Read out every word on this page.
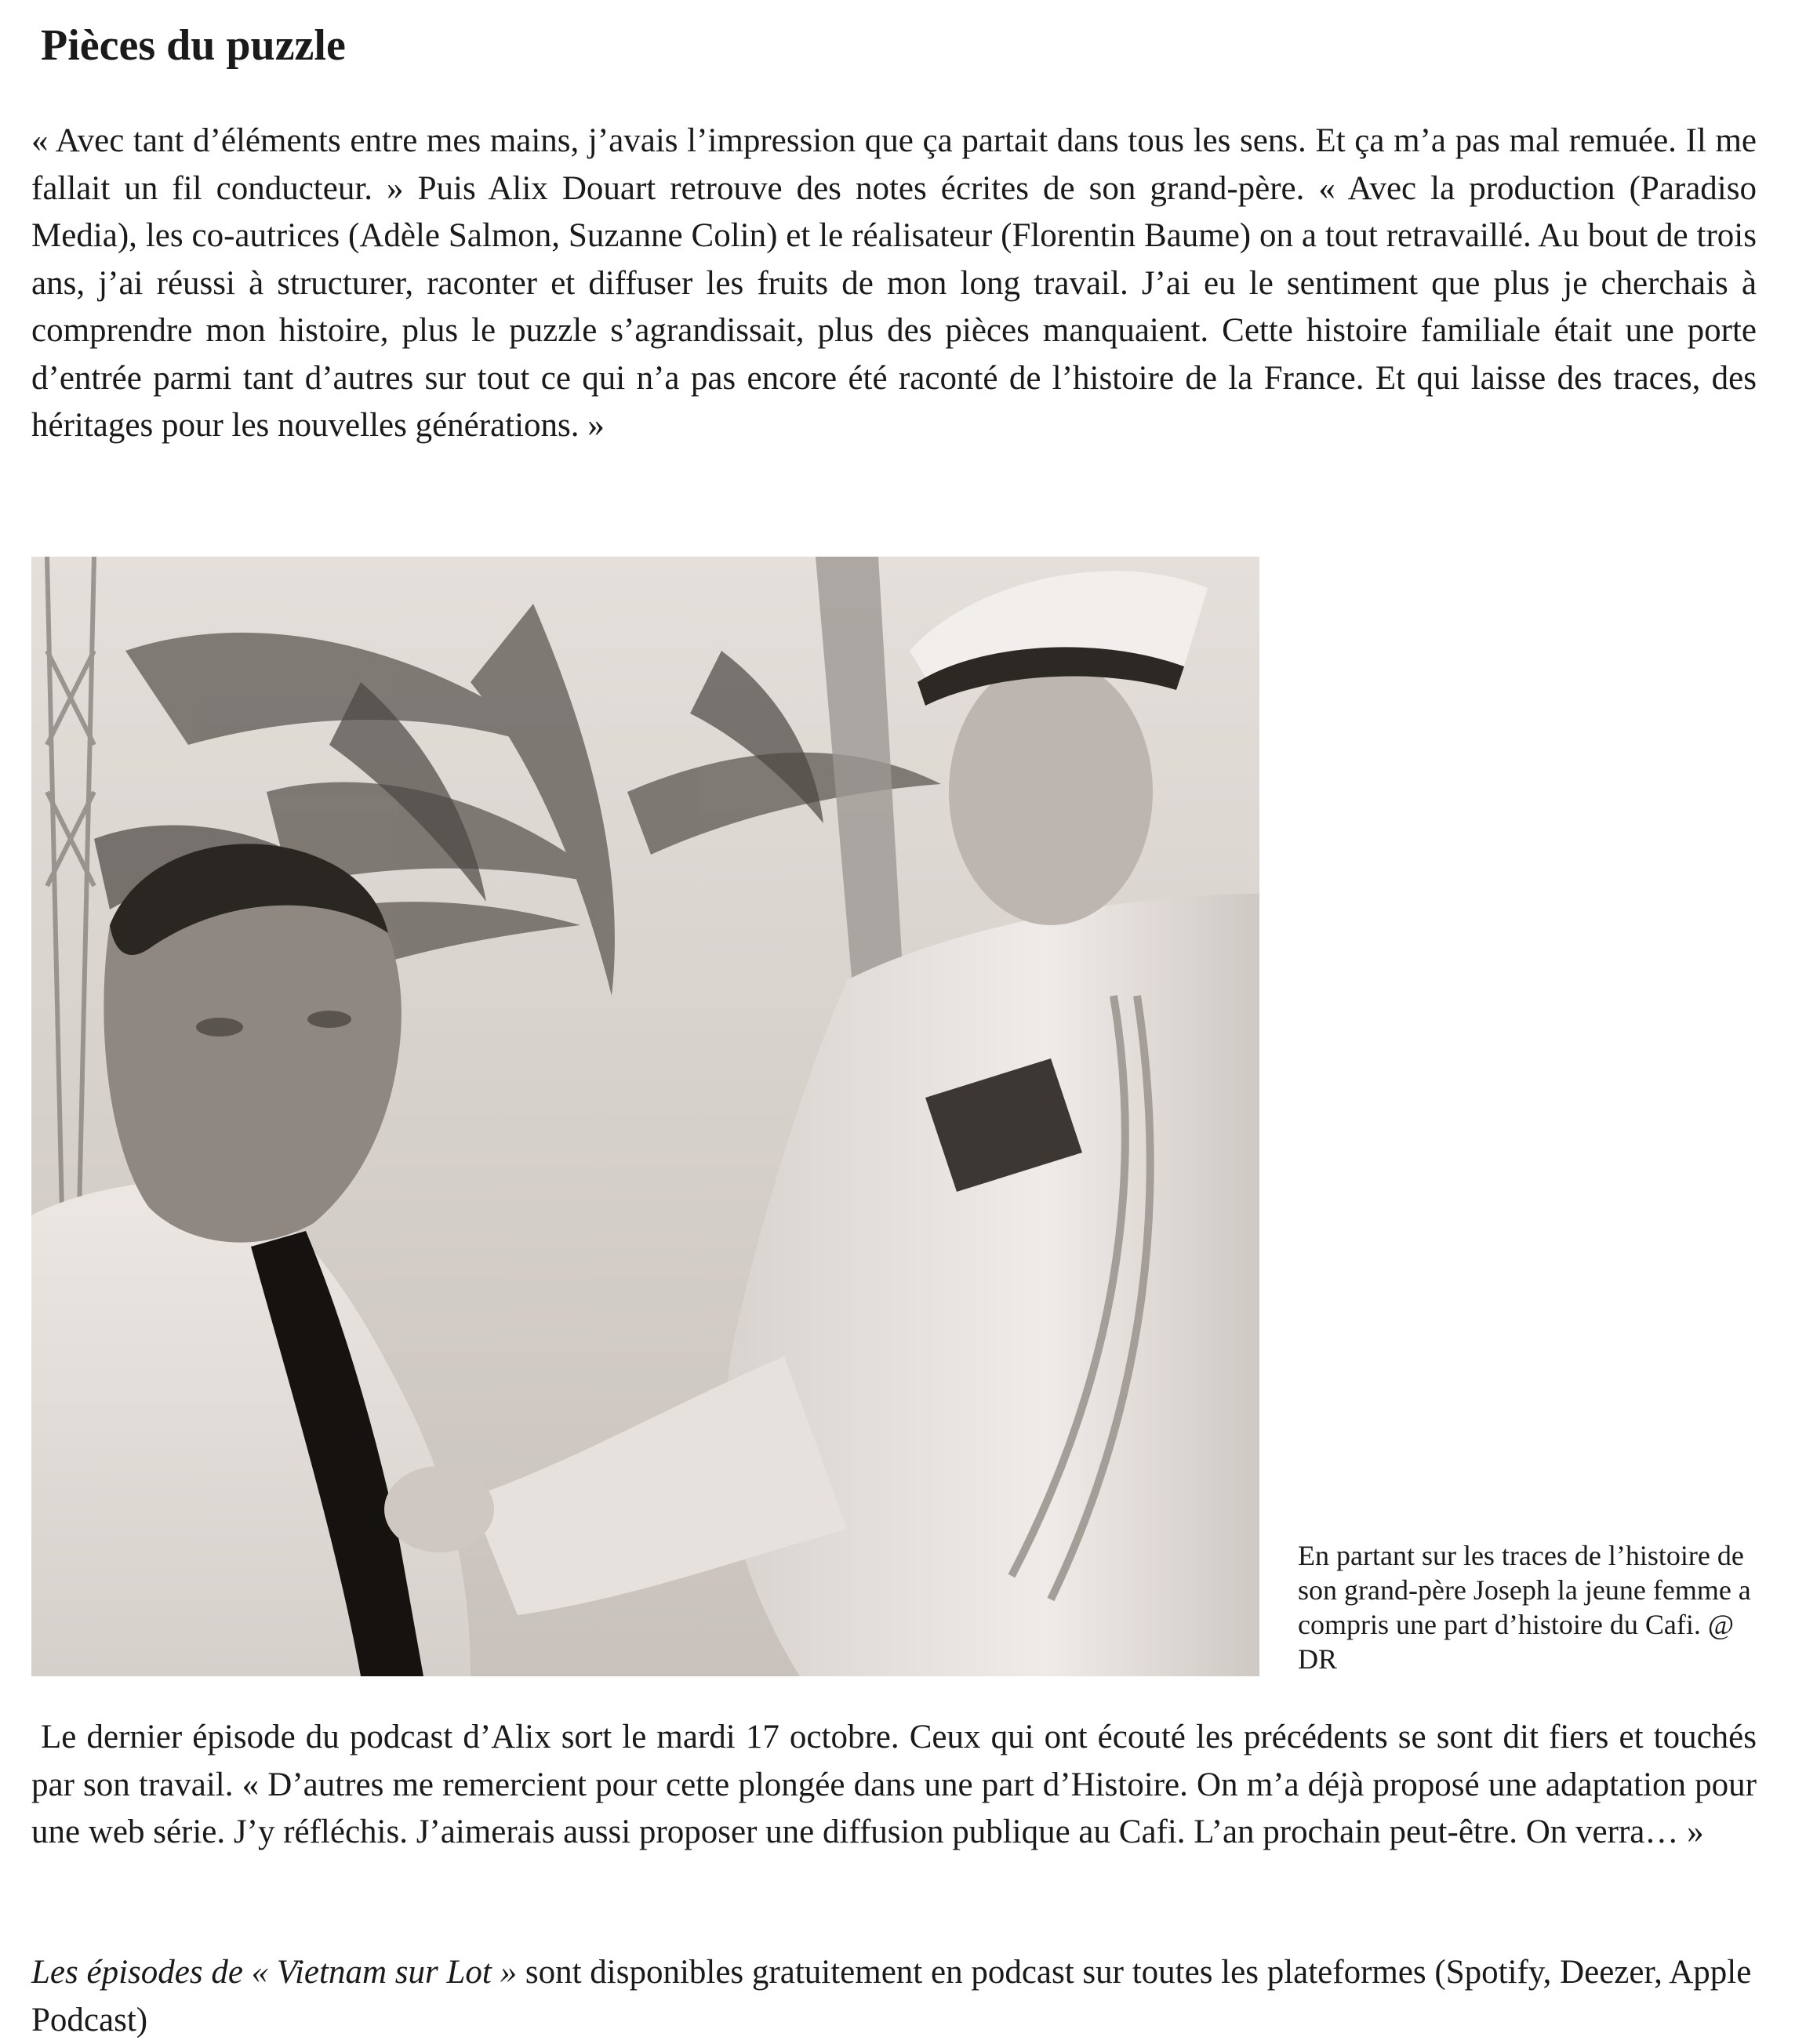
Pièces du puzzle

« Avec tant d’éléments entre mes mains, j’avais l’impression que ça partait dans tous les sens. Et ça m’a pas mal remuée. Il me fallait un fil conducteur. » Puis Alix Douart retrouve des notes écrites de son grand-père. « Avec la production (Paradiso Media), les co-autrices (Adèle Salmon, Suzanne Colin) et le réalisateur (Florentin Baume) on a tout retravaillé. Au bout de trois ans, j’ai réussi à structurer, raconter et diffuser les fruits de mon long travail. J’ai eu le sentiment que plus je cherchais à comprendre mon histoire, plus le puzzle s’agrandissait, plus des pièces manquaient. Cette histoire familiale était une porte d’entrée parmi tant d’autres sur tout ce qui n’a pas encore été raconté de l’histoire de la France. Et qui laisse des traces, des héritages pour les nouvelles générations. »

En partant sur les traces de l’histoire de son grand-père Joseph la jeune femme a compris une part d’histoire du Cafi. @ DR

Le dernier épisode du podcast d’Alix sort le mardi 17 octobre. Ceux qui ont écouté les précédents se sont dit fiers et touchés par son travail. « D’autres me remercient pour cette plongée dans une part d’Histoire. On m’a déjà proposé une adaptation pour une web série. J’y réfléchis. J’aimerais aussi proposer une diffusion publique au Cafi. L’an prochain peut-être. On verra… »

Les épisodes de « Vietnam sur Lot » sont disponibles gratuitement en podcast sur toutes les plateformes (Spotify, Deezer, Apple Podcast)
